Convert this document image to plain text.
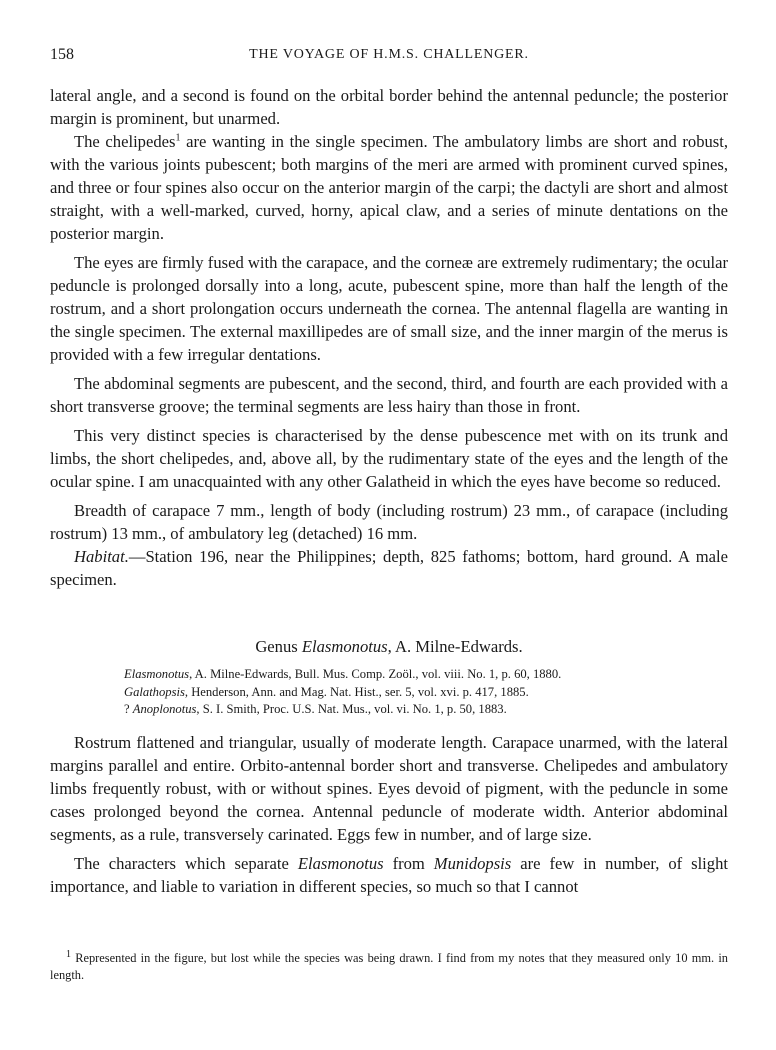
158	THE VOYAGE OF H.M.S. CHALLENGER.

lateral angle, and a second is found on the orbital border behind the antennal peduncle; the posterior margin is prominent, but unarmed.

The chelipedes$^1$ are wanting in the single specimen. The ambulatory limbs are short and robust, with the various joints pubescent; both margins of the meri are armed with prominent curved spines, and three or four spines also occur on the anterior margin of the carpi; the dactyli are short and almost straight, with a well-marked, curved, horny, apical claw, and a series of minute dentations on the posterior margin.

The eyes are firmly fused with the carapace, and the corneæ are extremely rudimentary; the ocular peduncle is prolonged dorsally into a long, acute, pubescent spine, more than half the length of the rostrum, and a short prolongation occurs underneath the cornea. The antennal flagella are wanting in the single specimen. The external maxillipedes are of small size, and the inner margin of the merus is provided with a few irregular dentations.

The abdominal segments are pubescent, and the second, third, and fourth are each provided with a short transverse groove; the terminal segments are less hairy than those in front.

This very distinct species is characterised by the dense pubescence met with on its trunk and limbs, the short chelipedes, and, above all, by the rudimentary state of the eyes and the length of the ocular spine. I am unacquainted with any other Galatheid in which the eyes have become so reduced.

Breadth of carapace 7 mm., length of body (including rostrum) 23 mm., of carapace (including rostrum) 13 mm., of ambulatory leg (detached) 16 mm.

Habitat.—Station 196, near the Philippines; depth, 825 fathoms; bottom, hard ground. A male specimen.

Genus Elasmonotus, A. Milne-Edwards.
Elasmonotus, A. Milne-Edwards, Bull. Mus. Comp. Zoöl., vol. viii. No. 1, p. 60, 1880.
Galathopsis, Henderson, Ann. and Mag. Nat. Hist., ser. 5, vol. xvi. p. 417, 1885.
? Anoplonotus, S. I. Smith, Proc. U.S. Nat. Mus., vol. vi. No. 1, p. 50, 1883.

Rostrum flattened and triangular, usually of moderate length. Carapace unarmed, with the lateral margins parallel and entire. Orbito-antennal border short and transverse. Chelipedes and ambulatory limbs frequently robust, with or without spines. Eyes devoid of pigment, with the peduncle in some cases prolonged beyond the cornea. Antennal peduncle of moderate width. Anterior abdominal segments, as a rule, transversely carinated. Eggs few in number, and of large size.

The characters which separate Elasmonotus from Munidopsis are few in number, of slight importance, and liable to variation in different species, so much so that I cannot

$^1$ Represented in the figure, but lost while the species was being drawn. I find from my notes that they measured only 10 mm. in length.
